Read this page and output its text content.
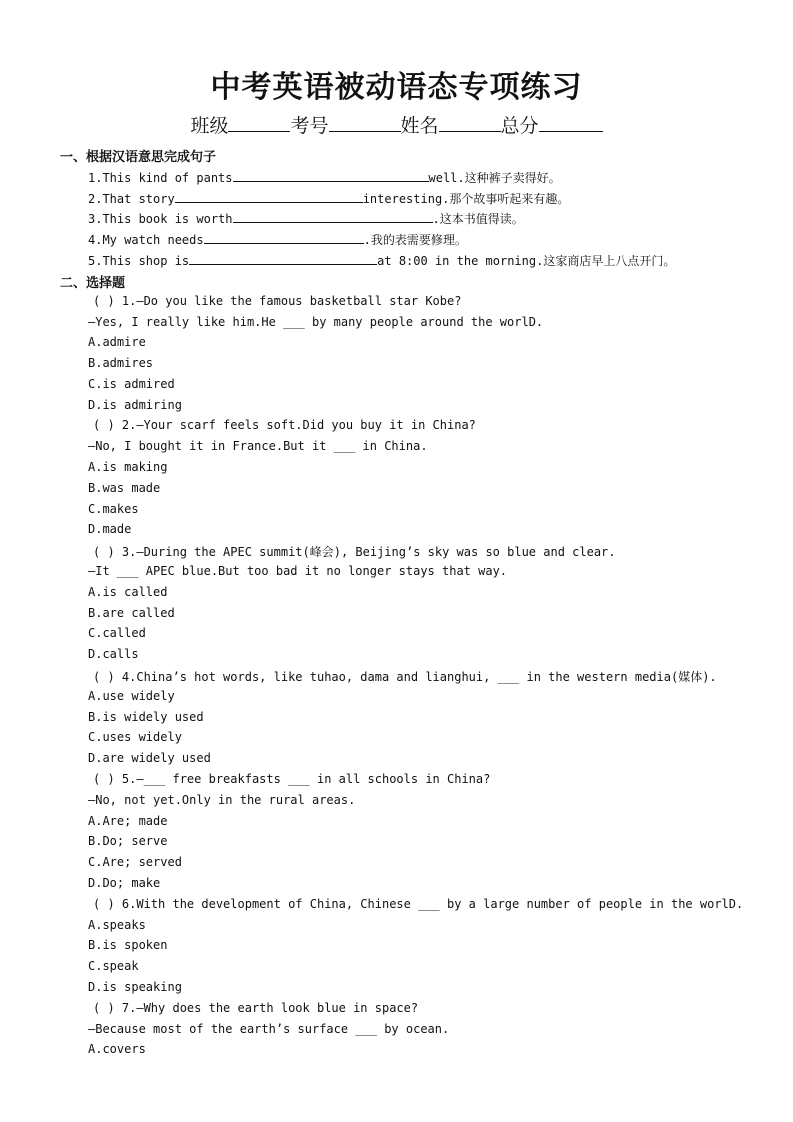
中考英语被动语态专项练习
班级	考号	姓名	总分
一、根据汉语意思完成句子
1.This kind of pants	well.这种裤子卖得好。
2.That story	interesting.那个故事听起来有趣。
3.This book is worth	.这本书值得读。
4.My watch needs	.我的表需要修理。
5.This shop is	at 8:00 in the morning.这家商店早上八点开门。
二、选择题
( ) 1.—Do you like the famous basketball star Kobe?
—Yes, I really like him.He ___ by many people around the worlD.
A.admire
B.admires
C.is admired
D.is admiring
( ) 2.—Your scarf feels soft.Did you buy it in China?
—No, I bought it in France.But it ___ in China.
A.is making
B.was made
C.makes
D.made
( ) 3.—During the APEC summit(峰会), Beijing’s sky was so blue and clear.
—It ___ APEC blue.But too bad it no longer stays that way.
A.is called
B.are called
C.called
D.calls
( ) 4.China’s hot words, like tuhao, dama and lianghui, ___ in the western media(媒体).
A.use widely
B.is widely used
C.uses widely
D.are widely used
( ) 5.—___ free breakfasts ___ in all schools in China?
—No, not yet.Only in the rural areas.
A.Are; made
B.Do; serve
C.Are; served
D.Do; make
( ) 6.With the development of China, Chinese ___ by a large number of people in the worlD.
A.speaks
B.is spoken
C.speak
D.is speaking
( ) 7.—Why does the earth look blue in space?
—Because most of the earth’s surface ___ by ocean.
A.covers
